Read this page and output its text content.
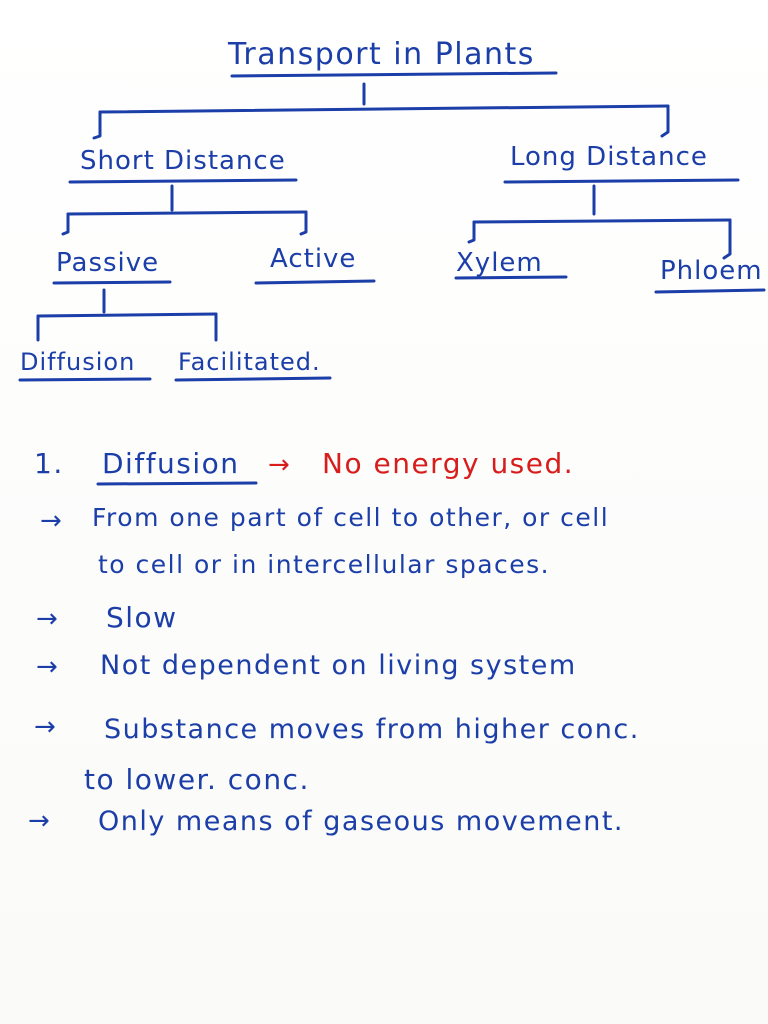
Transport in Plants
Short Distance	Long Distance
Passive	Active	Xylem	Phloem
Diffusion Facilitated.
1. Diffusion → No energy used.
→ From one part of cell to other, or cell
to cell or in intercellular spaces.
→ Slow
→ Not dependent on living system
→ Substance moves from higher conc.
to lower. conc.
→ Only means of gaseous movement.
